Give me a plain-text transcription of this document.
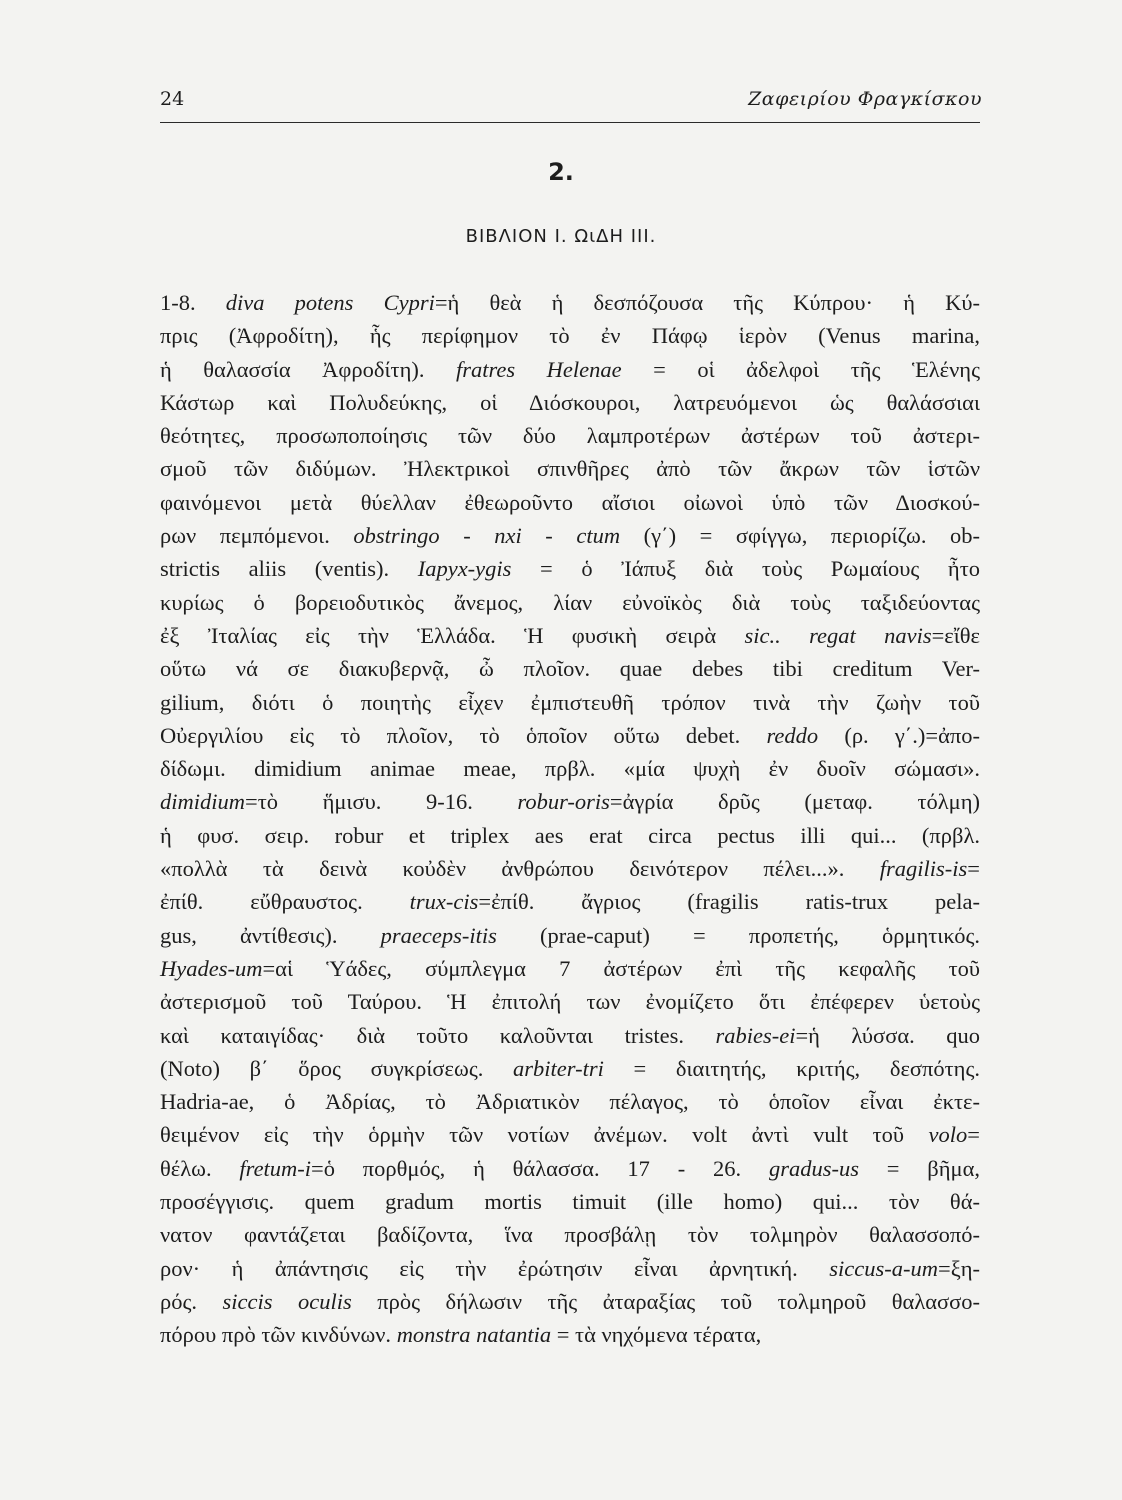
24	Ζαφειρίου Φραγκίσκου
2.
ΒΙΒΛΙΟΝ Ι. ΩιΔΗ ΙΙΙ.
1-8. diva potens Cypri=ἡ θεὰ ἡ δεσπόζουσα τῆς Κύπρου· ἡ Κύ-
πρις (Ἀφροδίτη), ἧς περίφημον τὸ ἐν Πάφῳ ἱερὸν (Venus marina,
ἡ θαλασσία Ἀφροδίτη). fratres Helenae = οἱ ἀδελφοὶ τῆς Ἑλένης
Κάστωρ καὶ Πολυδεύκης, οἱ Διόσκουροι, λατρευόμενοι ὡς θαλάσσιαι
θεότητες, προσωποποίησις τῶν δύο λαμπροτέρων ἀστέρων τοῦ ἀστερι-
σμοῦ τῶν διδύμων. Ἠλεκτρικοὶ σπινθῆρες ἀπὸ τῶν ἄκρων τῶν ἱστῶν
φαινόμενοι μετὰ θύελλαν ἐθεωροῦντο αἴσιοι οἰωνοὶ ὑπὸ τῶν Διοσκού-
ρων πεμπόμενοι. obstringo - nxi - ctum (γ΄) = σφίγγω, περιορίζω. ob-
strictis aliis (ventis). Iapyx-ygis = ὁ Ἰάπυξ διὰ τοὺς Ρωμαίους ἦτο
κυρίως ὁ βορειοδυτικὸς ἄνεμος, λίαν εὐνοϊκὸς διὰ τοὺς ταξιδεύοντας
ἐξ Ἰταλίας εἰς τὴν Ἑλλάδα. Ἡ φυσικὴ σειρὰ sic.. regat navis=εἴθε
οὕτω νά σε διακυβερνᾷ, ὦ πλοῖον. quae debes tibi creditum Ver-
gilium, διότι ὁ ποιητὴς εἶχεν ἐμπιστευθῆ τρόπον τινὰ τὴν ζωὴν τοῦ
Οὐεργιλίου εἰς τὸ πλοῖον, τὸ ὁποῖον οὕτω debet. reddo (ρ. γ΄.)=ἀπο-
δίδωμι. dimidium animae meae, πρβλ. «μία ψυχὴ ἐν δυοῖν σώμασι».
dimidium=τὸ ἥμισυ. 9-16. robur-oris=ἀγρία δρῦς (μεταφ. τόλμη)
ἡ φυσ. σειρ. robur et triplex aes erat circa pectus illi qui... (πρβλ.
«πολλὰ τὰ δεινὰ κοὐδὲν ἀνθρώπου δεινότερον πέλει...». fragilis-is=
ἐπίθ. εὔθραυστος. trux-cis=ἐπίθ. ἄγριος (fragilis ratis-trux pela-
gus, ἀντίθεσις). praeceps-itis (prae-caput) = προπετής, ὁρμητικός.
Hyades-um=αἱ Ὑάδες, σύμπλεγμα 7 ἀστέρων ἐπὶ τῆς κεφαλῆς τοῦ
ἀστερισμοῦ τοῦ Ταύρου. Ἡ ἐπιτολή των ἐνομίζετο ὅτι ἐπέφερεν ὑετοὺς
καὶ καταιγίδας· διὰ τοῦτο καλοῦνται tristes. rabies-ei=ἡ λύσσα. quo
(Noto) β΄ ὅρος συγκρίσεως. arbiter-tri = διαιτητής, κριτής, δεσπότης.
Hadria-ae, ὁ Ἀδρίας, τὸ Ἀδριατικὸν πέλαγος, τὸ ὁποῖον εἶναι ἐκτε-
θειμένον εἰς τὴν ὁρμὴν τῶν νοτίων ἀνέμων. volt ἀντὶ vult τοῦ volo=
θέλω. fretum-i=ὁ πορθμός, ἡ θάλασσα. 17 - 26. gradus-us = βῆμα,
προσέγγισις. quem gradum mortis timuit (ille homo) qui... τὸν θά-
νατον φαντάζεται βαδίζοντα, ἵνα προσβάλῃ τὸν τολμηρὸν θαλασσοπό-
ρον· ἡ ἀπάντησις εἰς τὴν ἐρώτησιν εἶναι ἀρνητική. siccus-a-um=ξη-
ρός. siccis oculis πρὸς δήλωσιν τῆς ἀταραξίας τοῦ τολμηροῦ θαλασσο-
πόρου πρὸ τῶν κινδύνων. monstra natantia = τὰ νηχόμενα τέρατα,
